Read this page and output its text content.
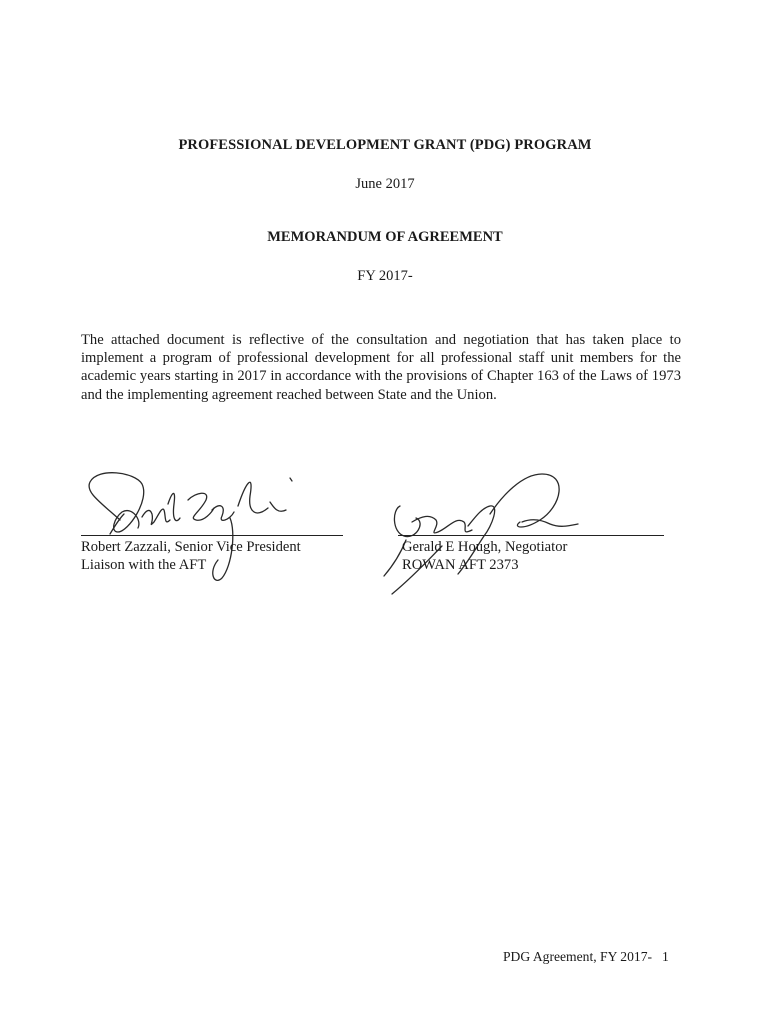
PROFESSIONAL DEVELOPMENT GRANT (PDG) PROGRAM
June 2017
MEMORANDUM OF AGREEMENT
FY 2017-
The attached document is reflective of the consultation and negotiation that has taken place to implement a program of professional development for all professional staff unit members for the academic years starting in 2017 in accordance with the provisions of Chapter 163 of the Laws of 1973 and the implementing agreement reached between State and the Union.
Robert Zazzali, Senior Vice President
Liaison with the AFT
Gerald E Hough, Negotiator
ROWAN AFT 2373
PDG Agreement, FY 2017- 1
